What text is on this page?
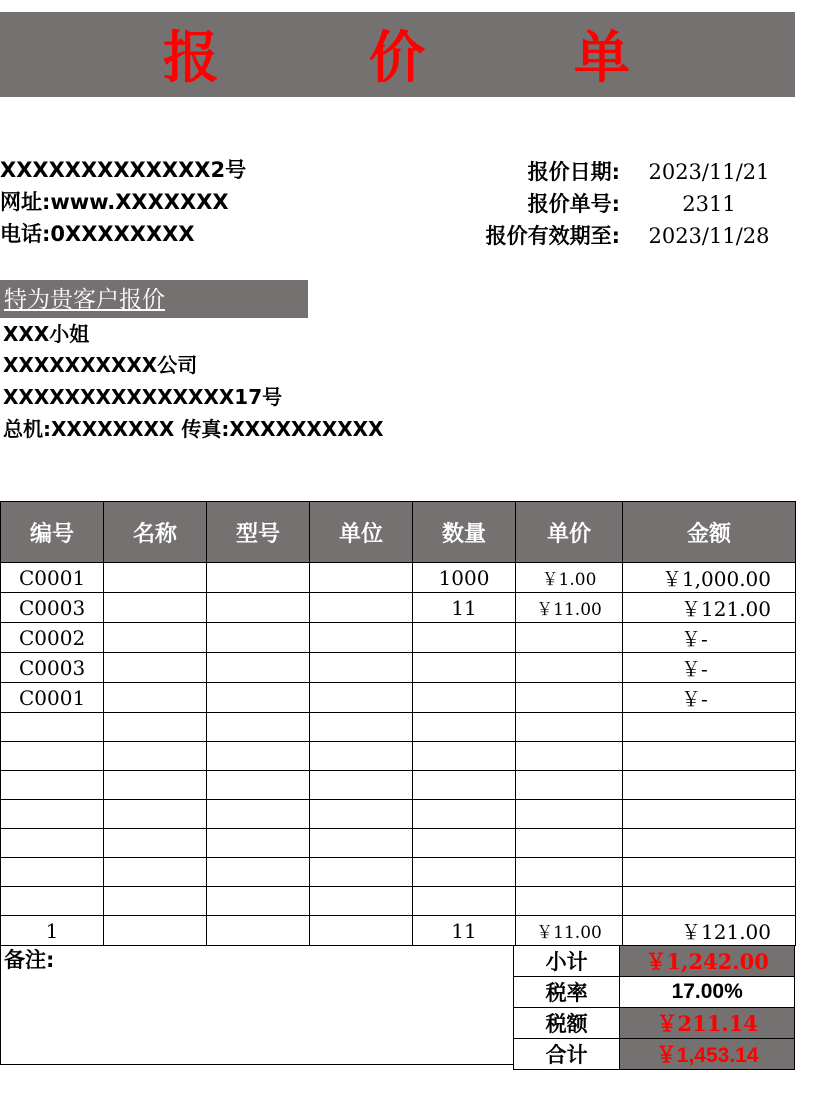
报	价	单
XXXXXXXXXXXXX2号
网址:www.XXXXXXX
电话:0XXXXXXXX
报价日期:	2023/11/21
报价单号:	2311
报价有效期至:	2023/11/28
特为贵客户报价
XXX小姐
XXXXXXXXXX公司
XXXXXXXXXXXXXXX17号
总机:XXXXXXXX 传真:XXXXXXXXXX
编号	名称	型号	单位	数量	单价	金额
C0001				1000	￥1.00	￥1,000.00
C0003				11	￥11.00	￥121.00
C0002						￥-
C0003						￥-
C0001						￥-

1				11	￥11.00	￥121.00
备注:	小计	￥1,242.00
税率	17.00%
税额	￥211.14
合计	￥1,453.14
